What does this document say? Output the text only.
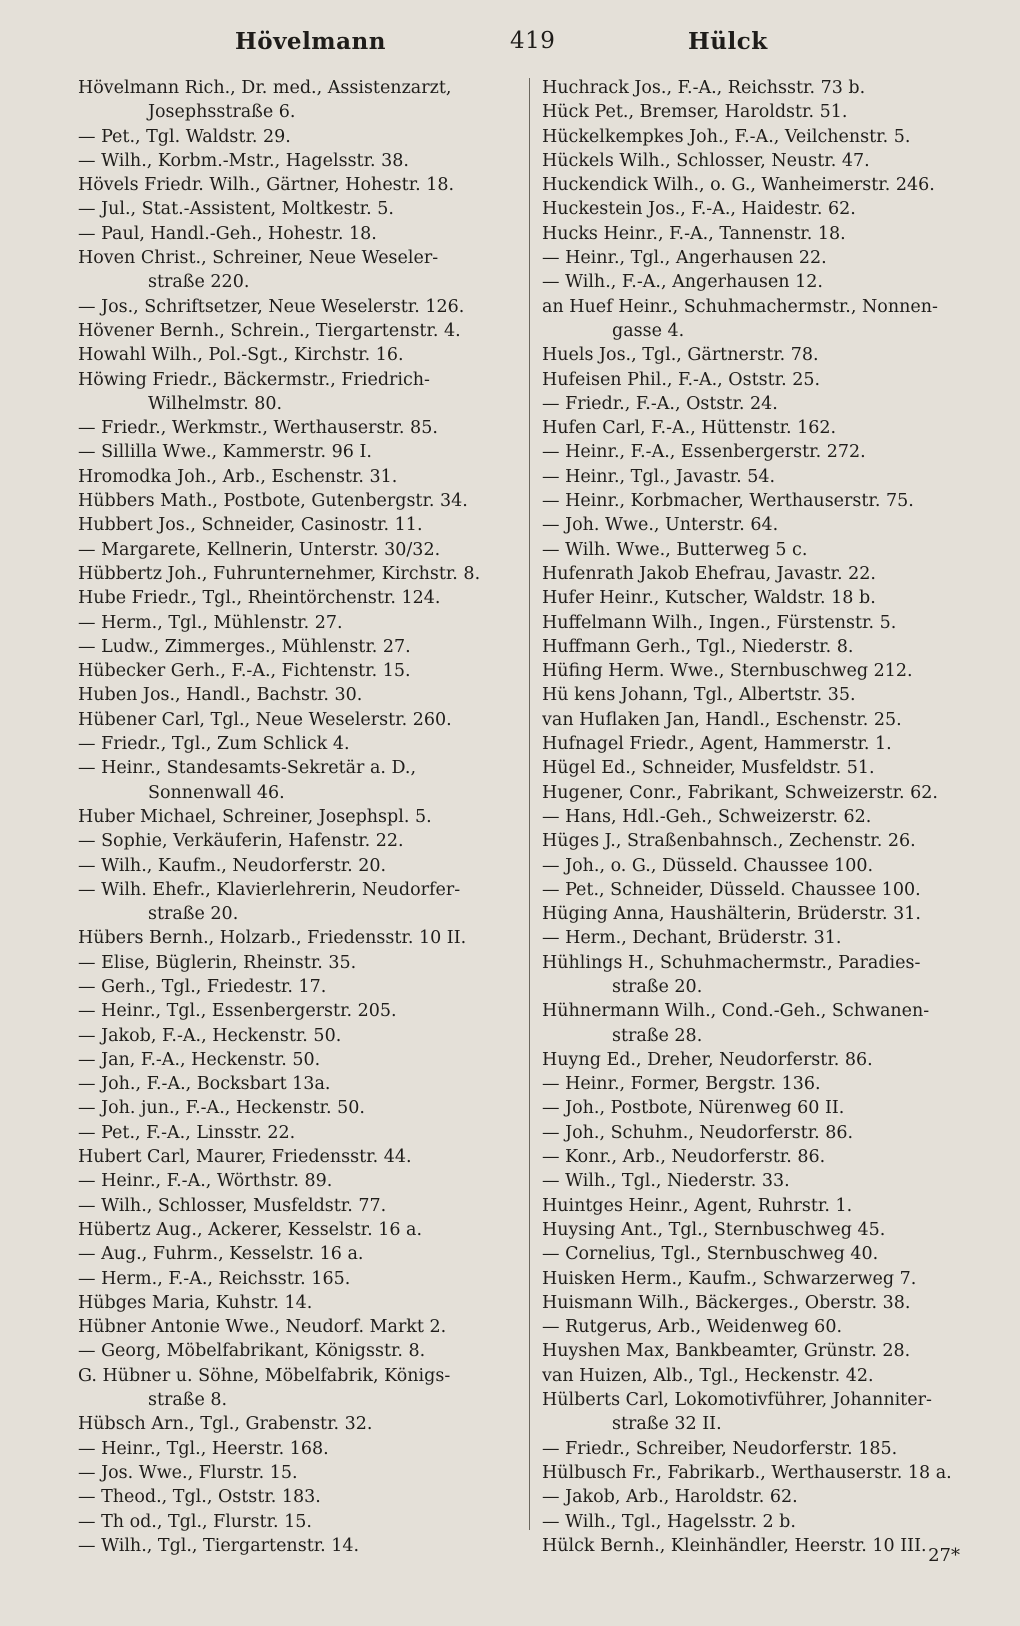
Hövelmann	419	Hülck
Hövelmann Rich., Dr. med., Assistenzarzt,
Josephsstraße 6.
— Pet., Tgl. Waldstr. 29.
— Wilh., Korbm.-Mstr., Hagelsstr. 38.
Hövels Friedr. Wilh., Gärtner, Hohestr. 18.
— Jul., Stat.-Assistent, Moltkestr. 5.
— Paul, Handl.-Geh., Hohestr. 18.
Hoven Christ., Schreiner, Neue Weseler-
straße 220.
— Jos., Schriftsetzer, Neue Weselerstr. 126.
Hövener Bernh., Schrein., Tiergartenstr. 4.
Howahl Wilh., Pol.-Sgt., Kirchstr. 16.
Höwing Friedr., Bäckermstr., Friedrich-
Wilhelmstr. 80.
— Friedr., Werkmstr., Werthauserstr. 85.
— Sillilla Wwe., Kammerstr. 96 I.
Hromodka Joh., Arb., Eschenstr. 31.
Hübbers Math., Postbote, Gutenbergstr. 34.
Hubbert Jos., Schneider, Casinostr. 11.
— Margarete, Kellnerin, Unterstr. 30/32.
Hübbertz Joh., Fuhrunternehmer, Kirchstr. 8.
Hube Friedr., Tgl., Rheintörchenstr. 124.
— Herm., Tgl., Mühlenstr. 27.
— Ludw., Zimmerges., Mühlenstr. 27.
Hübecker Gerh., F.-A., Fichtenstr. 15.
Huben Jos., Handl., Bachstr. 30.
Hübener Carl, Tgl., Neue Weselerstr. 260.
— Friedr., Tgl., Zum Schlick 4.
— Heinr., Standesamts-Sekretär a. D.,
Sonnenwall 46.
Huber Michael, Schreiner, Josephspl. 5.
— Sophie, Verkäuferin, Hafenstr. 22.
— Wilh., Kaufm., Neudorferstr. 20.
— Wilh. Ehefr., Klavierlehrerin, Neudorfer-
straße 20.
Hübers Bernh., Holzarb., Friedensstr. 10 II.
— Elise, Büglerin, Rheinstr. 35.
— Gerh., Tgl., Friedestr. 17.
— Heinr., Tgl., Essenbergerstr. 205.
— Jakob, F.-A., Heckenstr. 50.
— Jan, F.-A., Heckenstr. 50.
— Joh., F.-A., Bocksbart 13a.
— Joh. jun., F.-A., Heckenstr. 50.
— Pet., F.-A., Linsstr. 22.
Hubert Carl, Maurer, Friedensstr. 44.
— Heinr., F.-A., Wörthstr. 89.
— Wilh., Schlosser, Musfeldstr. 77.
Hübertz Aug., Ackerer, Kesselstr. 16 a.
— Aug., Fuhrm., Kesselstr. 16 a.
— Herm., F.-A., Reichsstr. 165.
Hübges Maria, Kuhstr. 14.
Hübner Antonie Wwe., Neudorf. Markt 2.
— Georg, Möbelfabrikant, Königsstr. 8.
G. Hübner u. Söhne, Möbelfabrik, Königs-
straße 8.
Hübsch Arn., Tgl., Grabenstr. 32.
— Heinr., Tgl., Heerstr. 168.
— Jos. Wwe., Flurstr. 15.
— Theod., Tgl., Oststr. 183.
— Th od., Tgl., Flurstr. 15.
— Wilh., Tgl., Tiergartenstr. 14.
Huchrack Jos., F.-A., Reichsstr. 73 b.
Hück Pet., Bremser, Haroldstr. 51.
Hückelkempkes Joh., F.-A., Veilchenstr. 5.
Hückels Wilh., Schlosser, Neustr. 47.
Huckendick Wilh., o. G., Wanheimerstr. 246.
Huckestein Jos., F.-A., Haidestr. 62.
Hucks Heinr., F.-A., Tannenstr. 18.
— Heinr., Tgl., Angerhausen 22.
— Wilh., F.-A., Angerhausen 12.
an Huef Heinr., Schuhmachermstr., Nonnen-
gasse 4.
Huels Jos., Tgl., Gärtnerstr. 78.
Hufeisen Phil., F.-A., Oststr. 25.
— Friedr., F.-A., Oststr. 24.
Hufen Carl, F.-A., Hüttenstr. 162.
— Heinr., F.-A., Essenbergerstr. 272.
— Heinr., Tgl., Javastr. 54.
— Heinr., Korbmacher, Werthauserstr. 75.
— Joh. Wwe., Unterstr. 64.
— Wilh. Wwe., Butterweg 5 c.
Hufenrath Jakob Ehefrau, Javastr. 22.
Hufer Heinr., Kutscher, Waldstr. 18 b.
Huffelmann Wilh., Ingen., Fürstenstr. 5.
Huffmann Gerh., Tgl., Niederstr. 8.
Hüfing Herm. Wwe., Sternbuschweg 212.
Hü kens Johann, Tgl., Albertstr. 35.
van Huflaken Jan, Handl., Eschenstr. 25.
Hufnagel Friedr., Agent, Hammerstr. 1.
Hügel Ed., Schneider, Musfeldstr. 51.
Hugener, Conr., Fabrikant, Schweizerstr. 62.
— Hans, Hdl.-Geh., Schweizerstr. 62.
Hüges J., Straßenbahnsch., Zechenstr. 26.
— Joh., o. G., Düsseld. Chaussee 100.
— Pet., Schneider, Düsseld. Chaussee 100.
Hüging Anna, Haushälterin, Brüderstr. 31.
— Herm., Dechant, Brüderstr. 31.
Hühlings H., Schuhmachermstr., Paradies-
straße 20.
Hühnermann Wilh., Cond.-Geh., Schwanen-
straße 28.
Huyng Ed., Dreher, Neudorferstr. 86.
— Heinr., Former, Bergstr. 136.
— Joh., Postbote, Nürenweg 60 II.
— Joh., Schuhm., Neudorferstr. 86.
— Konr., Arb., Neudorferstr. 86.
— Wilh., Tgl., Niederstr. 33.
Huintges Heinr., Agent, Ruhrstr. 1.
Huysing Ant., Tgl., Sternbuschweg 45.
— Cornelius, Tgl., Sternbuschweg 40.
Huisken Herm., Kaufm., Schwarzerweg 7.
Huismann Wilh., Bäckerges., Oberstr. 38.
— Rutgerus, Arb., Weidenweg 60.
Huyshen Max, Bankbeamter, Grünstr. 28.
van Huizen, Alb., Tgl., Heckenstr. 42.
Hülberts Carl, Lokomotivführer, Johanniter-
straße 32 II.
— Friedr., Schreiber, Neudorferstr. 185.
Hülbusch Fr., Fabrikarb., Werthauserstr. 18 a.
— Jakob, Arb., Haroldstr. 62.
— Wilh., Tgl., Hagelsstr. 2 b.
Hülck Bernh., Kleinhändler, Heerstr. 10 III. 27*
